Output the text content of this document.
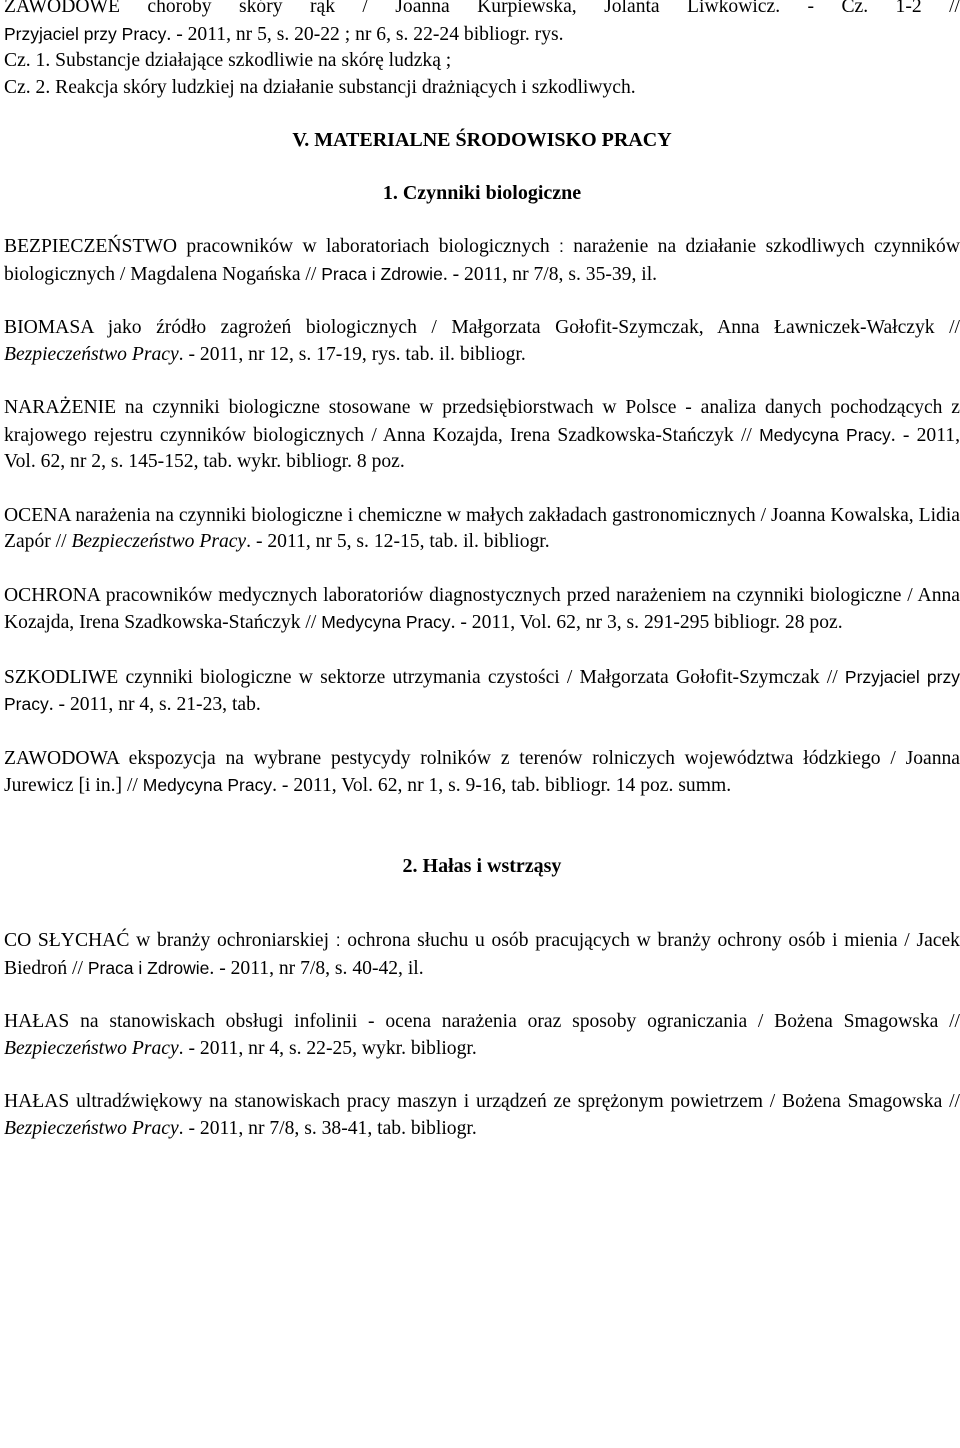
ZAWODOWE choroby skóry rąk / Joanna Kurpiewska, Jolanta Liwkowicz. - Cz. 1-2 //

Przyjaciel przy Pracy. - 2011, nr 5, s. 20-22 ; nr 6, s. 22-24 bibliogr. rys.

Cz. 1. Substancje działające szkodliwie na skórę ludzką ;

Cz. 2. Reakcja skóry ludzkiej na działanie substancji drażniących i szkodliwych.

V. MATERIALNE ŚRODOWISKO PRACY
1. Czynniki biologiczne

BEZPIECZEŃSTWO pracowników w laboratoriach biologicznych : narażenie na działanie szkodliwych czynników biologicznych / Magdalena Nogańska // Praca i Zdrowie. - 2011, nr 7/8, s. 35-39, il.

BIOMASA jako źródło zagrożeń biologicznych / Małgorzata Gołofit-Szymczak, Anna Ławniczek-Wałczyk // Bezpieczeństwo Pracy. - 2011, nr 12, s. 17-19, rys. tab. il. bibliogr.

NARAŻENIE na czynniki biologiczne stosowane w przedsiębiorstwach w Polsce - analiza danych pochodzących z krajowego rejestru czynników biologicznych / Anna Kozajda, Irena Szadkowska-Stańczyk // Medycyna Pracy. - 2011, Vol. 62, nr 2, s. 145-152, tab. wykr. bibliogr. 8 poz.

OCENA narażenia na czynniki biologiczne i chemiczne w małych zakładach gastronomicznych / Joanna Kowalska, Lidia Zapór // Bezpieczeństwo Pracy. - 2011, nr 5, s. 12-15, tab. il. bibliogr.

OCHRONA pracowników medycznych laboratoriów diagnostycznych przed narażeniem na czynniki biologiczne / Anna Kozajda, Irena Szadkowska-Stańczyk // Medycyna Pracy. - 2011, Vol. 62, nr 3, s. 291-295 bibliogr. 28 poz.

SZKODLIWE czynniki biologiczne w sektorze utrzymania czystości / Małgorzata Gołofit-Szymczak // Przyjaciel przy Pracy. - 2011, nr 4, s. 21-23, tab.

ZAWODOWA ekspozycja na wybrane pestycydy rolników z terenów rolniczych województwa łódzkiego / Joanna Jurewicz [i in.] // Medycyna Pracy. - 2011, Vol. 62, nr 1, s. 9-16, tab. bibliogr. 14 poz. summ.

2. Hałas i wstrząsy

CO SŁYCHAĆ w branży ochroniarskiej : ochrona słuchu u osób pracujących w branży ochrony osób i mienia / Jacek Biedroń // Praca i Zdrowie. - 2011, nr 7/8, s. 40-42, il.

HAŁAS na stanowiskach obsługi infolinii - ocena narażenia oraz sposoby ograniczania / Bożena Smagowska // Bezpieczeństwo Pracy. - 2011, nr 4, s. 22-25, wykr. bibliogr.

HAŁAS ultradźwiękowy na stanowiskach pracy maszyn i urządzeń ze sprężonym powietrzem / Bożena Smagowska // Bezpieczeństwo Pracy. - 2011, nr 7/8, s. 38-41, tab. bibliogr.
